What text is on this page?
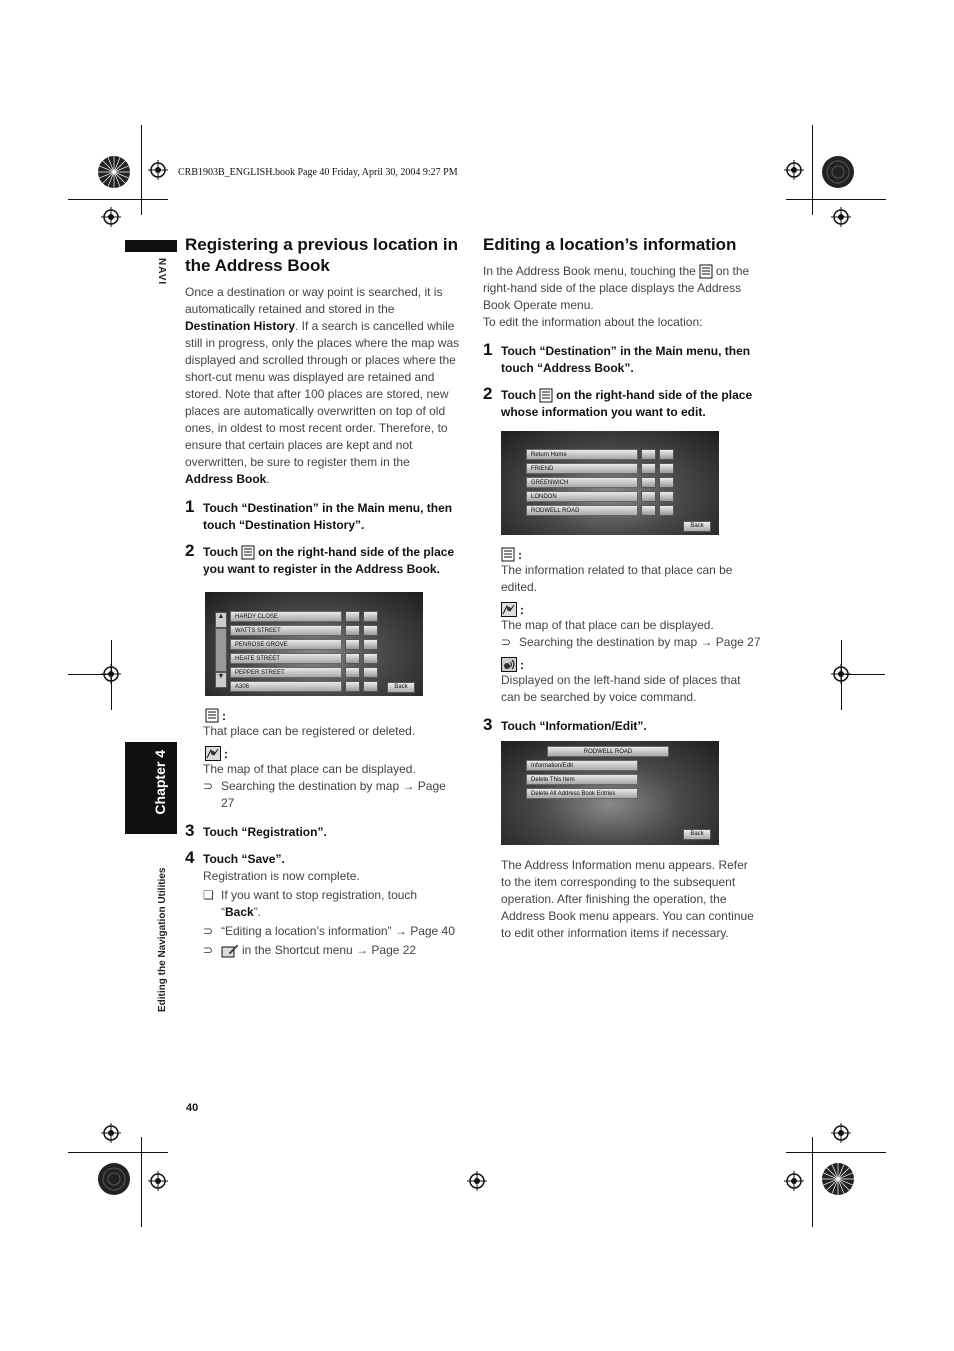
CRB1903B_ENGLISH.book Page 40 Friday, April 30, 2004 9:27 PM
NAVI
Chapter 4
Editing the Navigation Utilities
Registering a previous location in the Address Book

Once a destination or way point is searched, it is automatically retained and stored in the Destination History. If a search is cancelled while still in progress, only the places where the map was displayed and scrolled through or places where the short-cut menu was displayed are retained and stored. Note that after 100 places are stored, new places are automatically overwritten on top of old ones, in oldest to most recent order. Therefore, to ensure that certain places are kept and not overwritten, be sure to register them in the Address Book.

1 Touch “Destination” in the Main menu, then touch “Destination History”.
2 Touch on the right-hand side of the place you want to register in the Address Book.
▲
▼
HARDY CLOSE
WATTS STREET
PENROSE GROVE
HEATE STREET
PEPPER STREET
A306	Back
:

That place can be registered or deleted.

:

The map of that place can be displayed.

⊃ Searching the destination by map → Page 27
3 Touch “Registration”.
4 Touch “Save”.

Registration is now complete.

❏ If you want to stop registration, touch “Back”.
⊃ “Editing a location’s information” → Page 40
⊃ in the Shortcut menu → Page 22
Editing a location’s information

In the Address Book menu, touching the on the right-hand side of the place displays the Address Book Operate menu.

To edit the information about the location:

1 Touch “Destination” in the Main menu, then touch “Address Book”.
2 Touch on the right-hand side of the place whose information you want to edit.
Return Home
FRIEND
GREENWICH
LONDON
RODWELL ROAD
Back
:

The information related to that place can be edited.

:

The map of that place can be displayed.

⊃ Searching the destination by map → Page 27
:

Displayed on the left-hand side of places that can be searched by voice command.

3 Touch “Information/Edit”.
RODWELL ROAD
Information/Edit
Delete This Item
Delete All Address Book Entries
Back

The Address Information menu appears. Refer to the item corresponding to the subsequent operation. After finishing the operation, the Address Book menu appears. You can continue to edit other information items if necessary.

40
